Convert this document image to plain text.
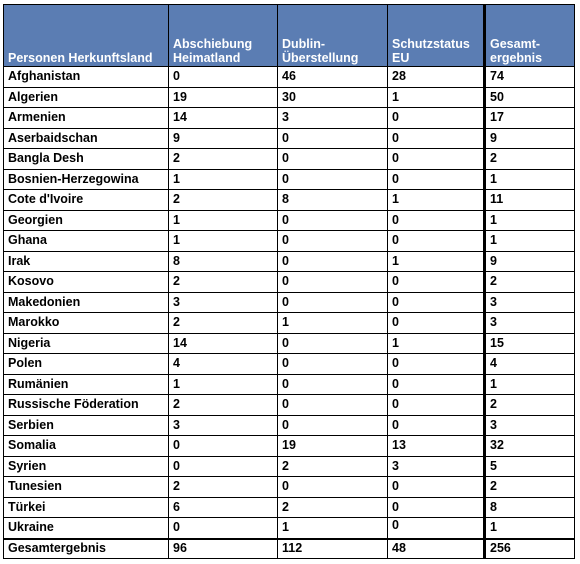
Personen Herkunftsland	Abschiebung Heimatland	Dublin-Überstellung	Schutzstatus EU	Gesamt-ergebnis
Afghanistan	0	46	28	74
Algerien	19	30	1	50
Armenien	14	3	0	17
Aserbaidschan	9	0	0	9
Bangla Desh	2	0	0	2
Bosnien-Herzegowina	1	0	0	1
Cote d'Ivoire	2	8	1	11
Georgien	1	0	0	1
Ghana	1	0	0	1
Irak	8	0	1	9
Kosovo	2	0	0	2
Makedonien	3	0	0	3
Marokko	2	1	0	3
Nigeria	14	0	1	15
Polen	4	0	0	4
Rumänien	1	0	0	1
Russische Föderation	2	0	0	2
Serbien	3	0	0	3
Somalia	0	19	13	32
Syrien	0	2	3	5
Tunesien	2	0	0	2
Türkei	6	2	0	8
Ukraine	0	1	0	1
Gesamtergebnis	96	112	48	256
